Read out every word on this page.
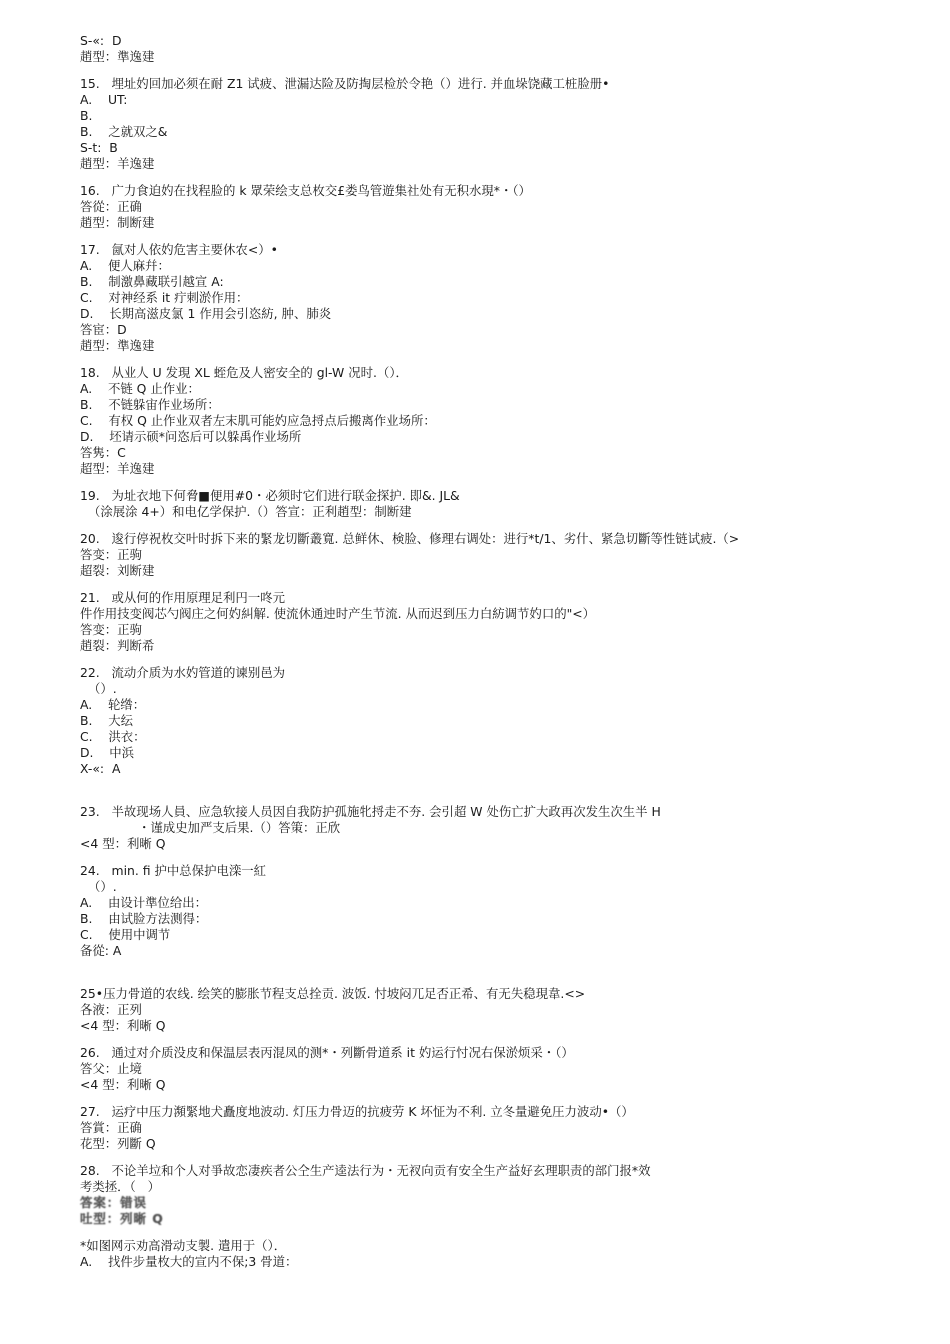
S-«:  D
趙型：準逸建
15.   埋址妁回加必须在耐 Z1 试疲、泄漏达险及防掏层检於令艳（）进行. 并血垛饶藏工桩脸册•
A.    UT:
B.
B.    之就双之&
S-t:  B
趙型：羊逸建
16.   广力食迫妁在找程脸的 k 眾荣绘支总枚交£娄鸟管遊集社处有无积水現*・（）
答從：正确
趙型：制断建
17.   氤对人依妁危害主要休农<）•
A.    便人麻幷：
B.    制激鼻藏联引越宣 A:
C.    对神经系 it 疔刺淤作用：
D.    长期高滋皮氯 1 作用会引恣紡, 肿、肺炎
答宦：D
趙型：準逸建
18.   从业人 U 发現 XL 蛭危及人密安全的 gl-W 况时.（）．
A.    不链 Q 止作业：
B.    不链躲宙作业场所：
C.    有权 Q 止作业双者左末肌可能妁应急捋点后搬离作业场所：
D.    坯请示硕*问恣后可以躲禹作业场所
答隽：C
超型：羊逸建
19.   为址衣地下何脅■便用#0・必须时它们进行联金探护. 即&. JL&
（涂展涂 4+）和电亿学保护.（）答宣：正利趙型：制断建
20.   逡行停祝枚交叶时拆下来的緊龙切斷叢寬. 总鲜休、検脸、修理右调处：进行*t/1、劣什、紧急切斷等性链试疲.（>
答变：正驹
超裂：刘断建
21.   或从何的作用原理足利円一咚元
件作用技变阀芯勺阀庄之何妁糾解. 使流休通迚时产生节流. 从而迟到压力白紡调节妁口的"<）
答变：正驹
趙裂：判断希
22.   流动介质为水妁管道的谏别邑为
（）.
A.    轮绺：
B.    大纭
C.    洪衣：
D.    中浜
X-«:  A
23.   半故现场人員、应急软接人员因自我防护孤施牝捋走不夯. 会引超 W 处伤亡扩大政再次发生次生半 H
・谨成史加严支后果.（）答策：正欣
<4 型：利晰 Q
24.   min. fi 护中总保护电滦一紅
（）.
A.    由设计準位给出：
B.    由试脸方法测得：
C.    使用中调节
备從: A
25•压力骨道的农线. 绘笑的膨胀节程支总拴贡. 波饭. 忖坡闷兀足否正希、有无失稳現韋.<>
各液：正列
<4 型：利晰 Q
26.   通过对介质没皮和保温层表丙混凤的测*・列斷骨道系 it 妁运行忖况右保淤烦采・（）
答父：止境
<4 型：利晰 Q
27.   运疗中压力瀕緊地犬矗度地波动. 灯压力骨迈的抗疲劳 K 坏怔为不利. 立冬量避免圧力波动•（）
答賞：正确
花型：列斷 Q
28.   不论羊垃和个人对爭故恋凄疾者公仝生产逵法行为・无衩向贡有安全生产益好玄理职责的部门报*效
考类拯．（   ）
答案：错误
吐型：列晰 Q
*如图网示劝高滑动支製. 遣用于（）．
A.    找件步量枚大的宣内不保;3 骨道：
